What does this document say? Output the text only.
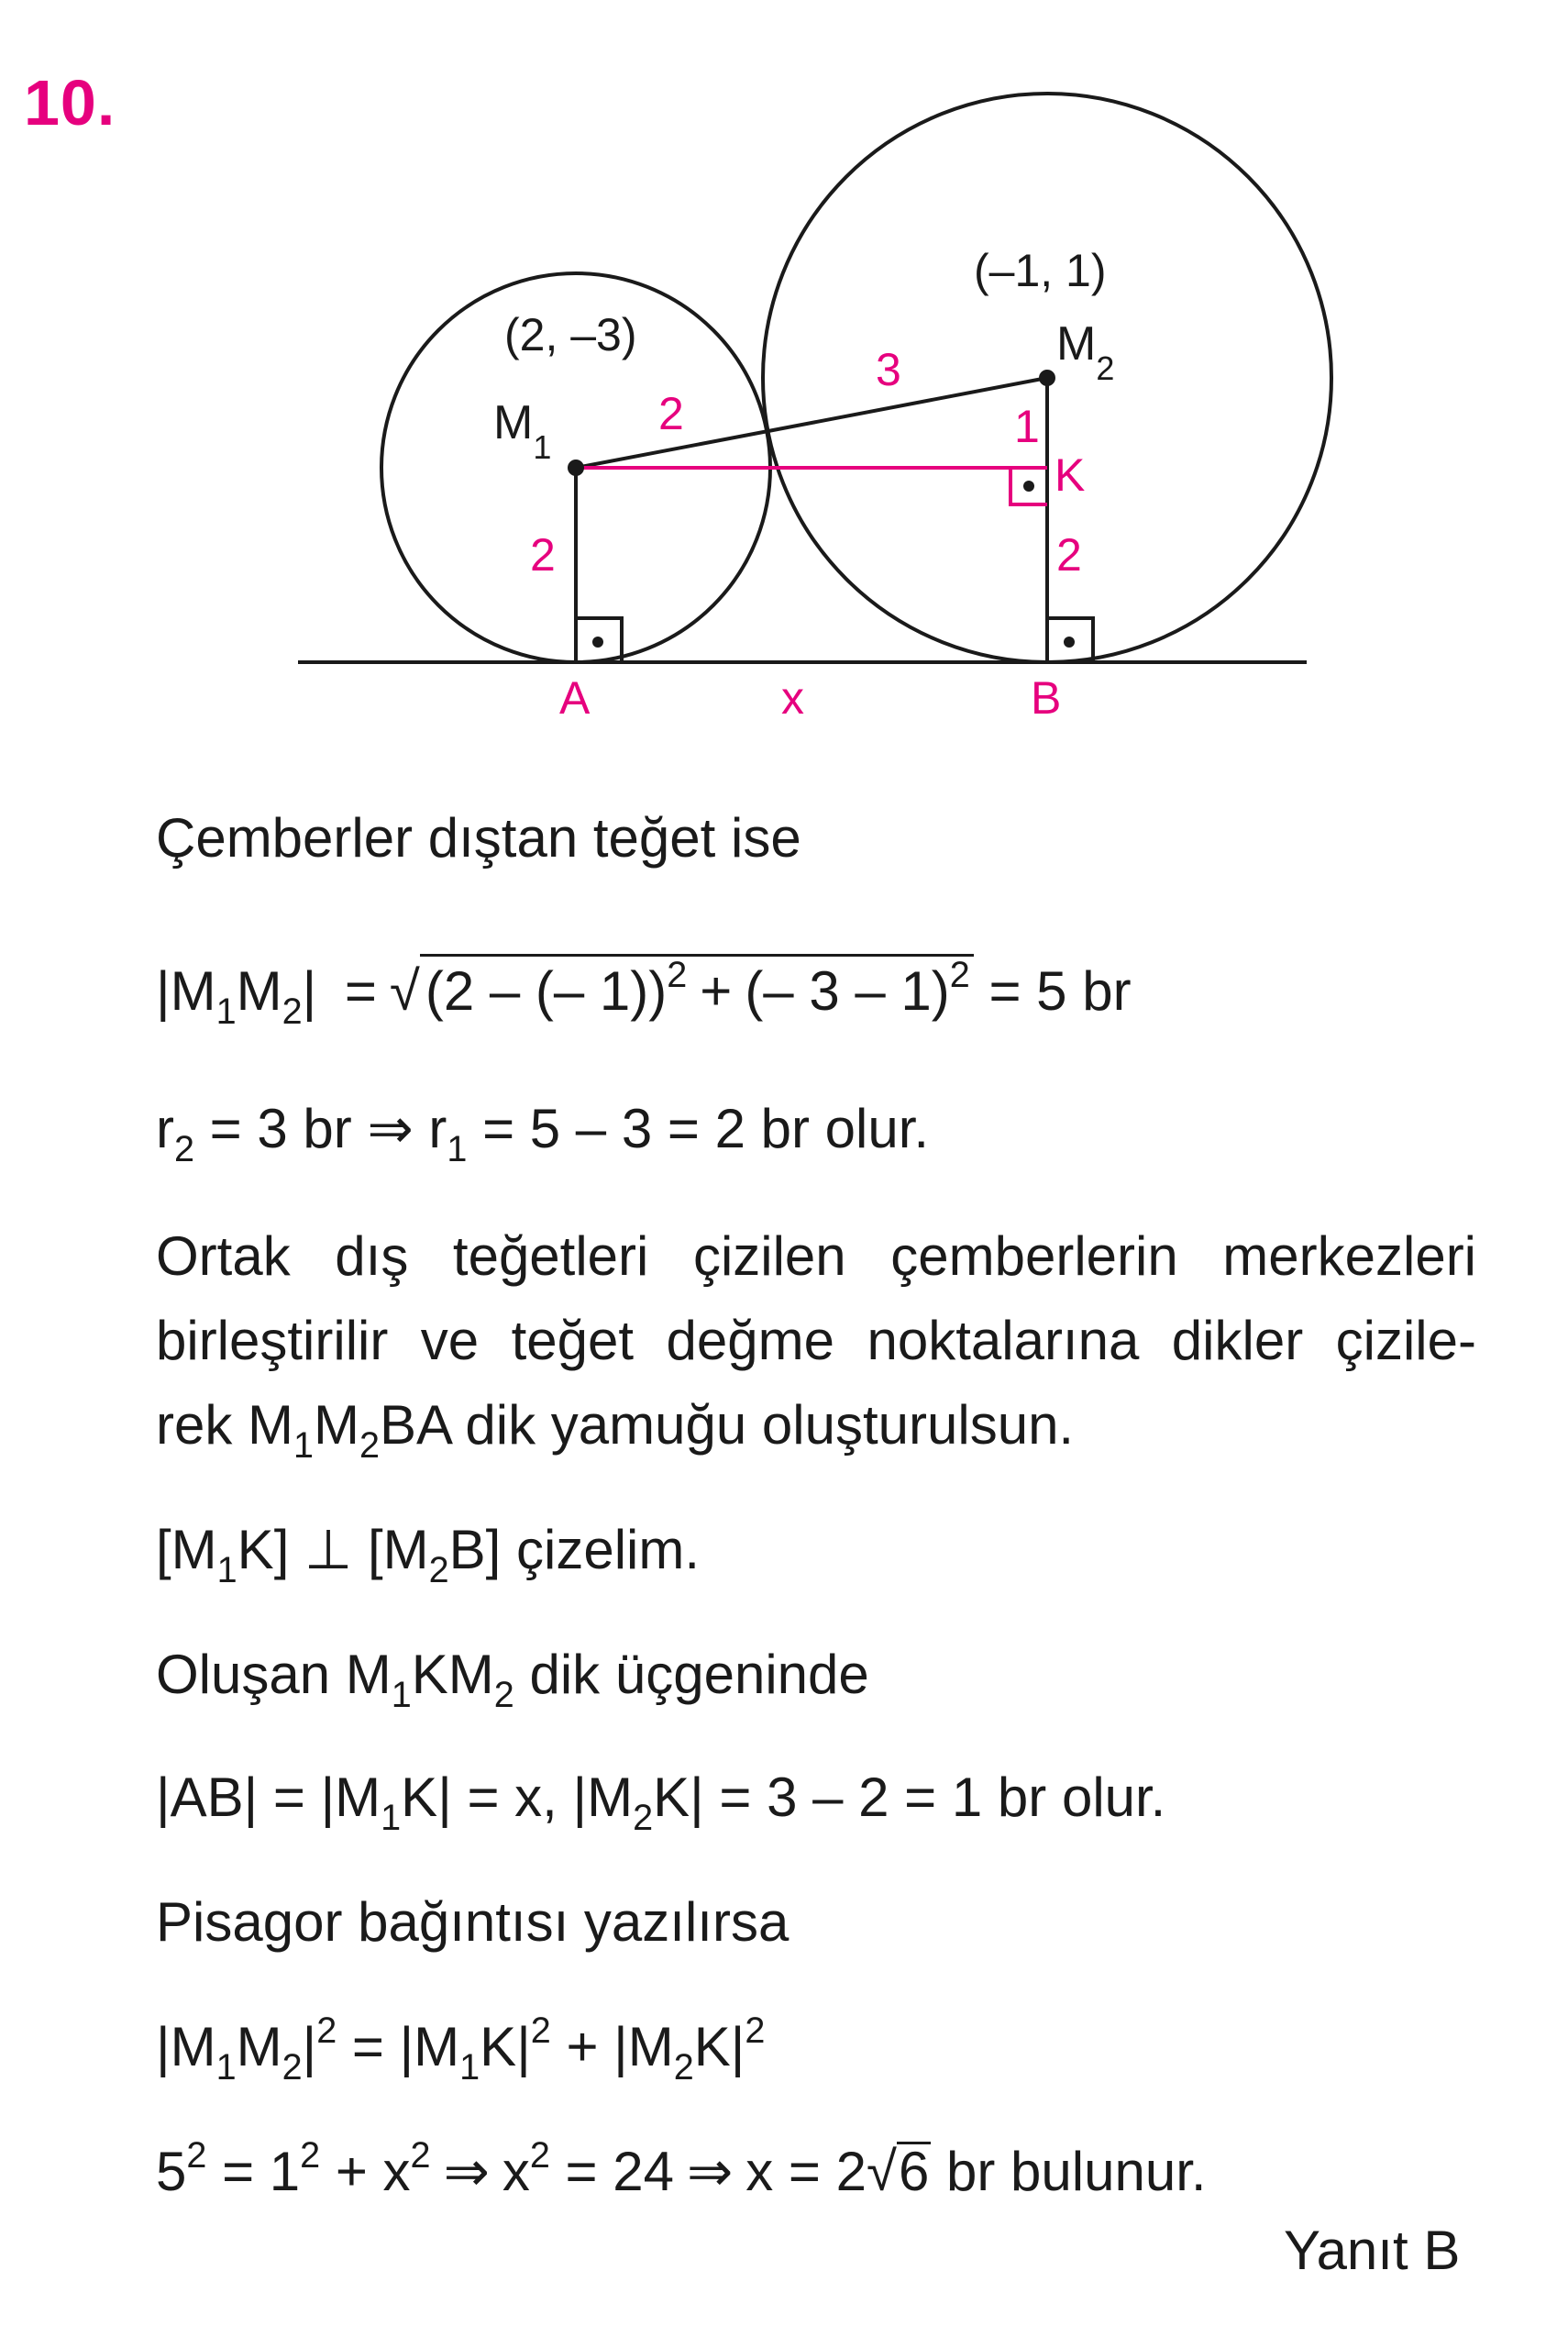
10.
(2, –3)
(–1, 1)
$M_1$
$M_2$
K
A	B
x
2
3
1
2	2
Çemberler dıştan teğet ise
$|M_1M_2|$ = √ (2 – (– 1))$^2$ + (– 3 – 1)$^2$ = 5 br
$r_2 = 3$ br ⇒ $r_1 = 5 - 3 = 2$ br olur.
Ortak dış teğetleri çizilen çemberlerin merkezleri
birleştirilir ve teğet değme noktalarına dikler çizile-
rek $M_1M_2BA$ dik yamuğu oluşturulsun.
$[M_1K]$ ⊥ $[M_2B]$ çizelim.
Oluşan $M_1KM_2$ dik üçgeninde
$|AB| = |M_1K| = x$, $|M_2K| = 3 - 2 = 1$ br olur.
Pisagor bağıntısı yazılırsa
$|M_1M_2|^2 = |M_1K|^2 + |M_2K|^2$
$5^2 = 1^2 + x^2$ ⇒ $x^2 = 24$ ⇒ x = 2√6 br bulunur.
Yanıt B
